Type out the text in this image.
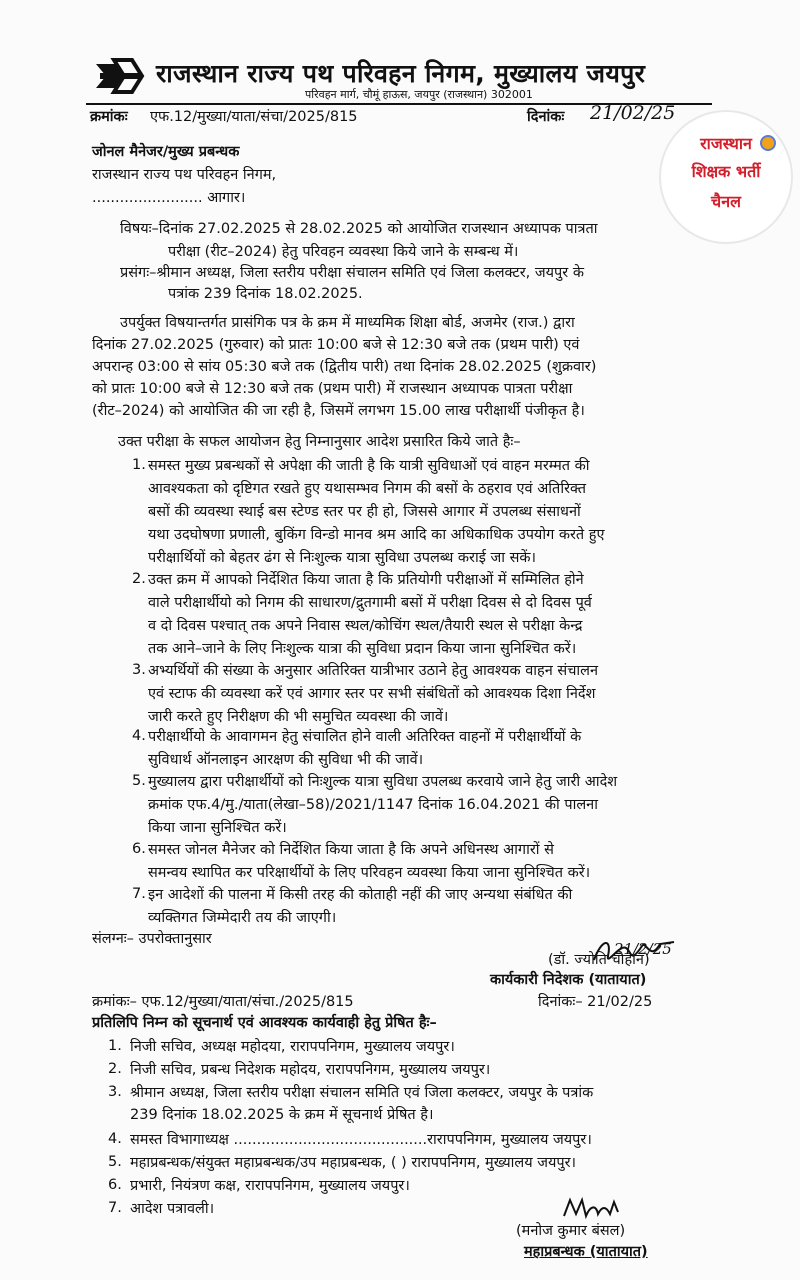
राजस्थान राज्य पथ परिवहन निगम, मुख्यालय जयपुर
परिवहन मार्ग, चौमूं हाऊस, जयपुर (राजस्थान) 302001
क्रमांकः एफ.12/मुख्या/याता/संचा/2025/815	दिनांकः 21/02/25
राजस्थान
शिक्षक भर्ती
चैनल
जोनल मैनेजर/मुख्य प्रबन्धक
राजस्थान राज्य पथ परिवहन निगम,
........................ आगार।
विषयः–दिनांक 27.02.2025 से 28.02.2025 को आयोजित राजस्थान अध्यापक पात्रता
परीक्षा (रीट–2024) हेतु परिवहन व्यवस्था किये जाने के सम्बन्ध में।
प्रसंगः–श्रीमान अध्यक्ष, जिला स्तरीय परीक्षा संचालन समिति एवं जिला कलक्टर, जयपुर के
पत्रांक 239 दिनांक 18.02.2025.
उपर्युक्त विषयान्तर्गत प्रासंगिक पत्र के क्रम में माध्यमिक शिक्षा बोर्ड, अजमेर (राज.) द्वारा
दिनांक 27.02.2025 (गुरुवार) को प्रातः 10:00 बजे से 12:30 बजे तक (प्रथम पारी) एवं
अपरान्ह 03:00 से सांय 05:30 बजे तक (द्वितीय पारी) तथा दिनांक 28.02.2025 (शुक्रवार)
को प्रातः 10:00 बजे से 12:30 बजे तक (प्रथम पारी) में राजस्थान अध्यापक पात्रता परीक्षा
(रीट–2024) को आयोजित की जा रही है, जिसमें लगभग 15.00 लाख परीक्षार्थी पंजीकृत है।
उक्त परीक्षा के सफल आयोजन हेतु निम्नानुसार आदेश प्रसारित किये जाते हैः–
1. समस्त मुख्य प्रबन्धकों से अपेक्षा की जाती है कि यात्री सुविधाओं एवं वाहन मरम्मत की
आवश्यकता को दृष्टिगत रखते हुए यथासम्भव निगम की बसों के ठहराव एवं अतिरिक्त
बसों की व्यवस्था स्थाई बस स्टेण्ड स्तर पर ही हो, जिससे आगार में उपलब्ध संसाधनों
यथा उदघोषणा प्रणाली, बुकिंग विन्डो मानव श्रम आदि का अधिकाधिक उपयोग करते हुए
परीक्षार्थियों को बेहतर ढंग से निःशुल्क यात्रा सुविधा उपलब्ध कराई जा सकें।
2. उक्त क्रम में आपको निर्देशित किया जाता है कि प्रतियोगी परीक्षाओं में सम्मिलित होने
वाले परीक्षार्थीयो को निगम की साधारण/द्रुतगामी बसों में परीक्षा दिवस से दो दिवस पूर्व
व दो दिवस पश्चात् तक अपने निवास स्थल/कोचिंग स्थल/तैयारी स्थल से परीक्षा केन्द्र
तक आने–जाने के लिए निःशुल्क यात्रा की सुविधा प्रदान किया जाना सुनिश्चित करें।
3. अभ्यर्थियों की संख्या के अनुसार अतिरिक्त यात्रीभार उठाने हेतु आवश्यक वाहन संचालन
एवं स्टाफ की व्यवस्था करें एवं आगार स्तर पर सभी संबंधितों को आवश्यक दिशा निर्देश
जारी करते हुए निरीक्षण की भी समुचित व्यवस्था की जावें।
4. परीक्षार्थीयो के आवागमन हेतु संचालित होने वाली अतिरिक्त वाहनों में परीक्षार्थीयों के
सुविधार्थ ऑनलाइन आरक्षण की सुविधा भी की जावें।
5. मुख्यालय द्वारा परीक्षार्थीयों को निःशुल्क यात्रा सुविधा उपलब्ध करवाये जाने हेतु जारी आदेश
क्रमांक एफ.4/मु./याता(लेखा–58)/2021/1147 दिनांक 16.04.2021 की पालना
किया जाना सुनिश्चित करें।
6. समस्त जोनल मैनेजर को निर्देशित किया जाता है कि अपने अधिनस्थ आगारों से
समन्वय स्थापित कर परिक्षार्थीयों के लिए परिवहन व्यवस्था किया जाना सुनिश्चित करें।
7. इन आदेशों की पालना में किसी तरह की कोताही नहीं की जाए अन्यथा संबंधित की
व्यक्तिगत जिम्मेदारी तय की जाएगी।
संलग्नः– उपरोक्तानुसार
21/2/25
(डॉ. ज्योति चौहान)
कार्यकारी निदेशक (यातायात)
क्रमांकः– एफ.12/मुख्या/याता/संचा./2025/815	दिनांकः– 21/02/25
प्रतिलिपि निम्न को सूचनार्थ एवं आवश्यक कार्यवाही हेतु प्रेषित हैः–
1. निजी सचिव, अध्यक्ष महोदया, रारापपनिगम, मुख्यालय जयपुर।
2. निजी सचिव, प्रबन्ध निदेशक महोदय, रारापपनिगम, मुख्यालय जयपुर।
3. श्रीमान अध्यक्ष, जिला स्तरीय परीक्षा संचालन समिति एवं जिला कलक्टर, जयपुर के पत्रांक
239 दिनांक 18.02.2025 के क्रम में सूचनार्थ प्रेषित है।
4. समस्त विभागाध्यक्ष ..........................................रारापपनिगम, मुख्यालय जयपुर।
5. महाप्रबन्धक/संयुक्त महाप्रबन्धक/उप महाप्रबन्धक, ( ) रारापपनिगम, मुख्यालय जयपुर।
6. प्रभारी, नियंत्रण कक्ष, रारापपनिगम, मुख्यालय जयपुर।
7. आदेश पत्रावली।
(मनोज कुमार बंसल)
महाप्रबन्धक (यातायात)
